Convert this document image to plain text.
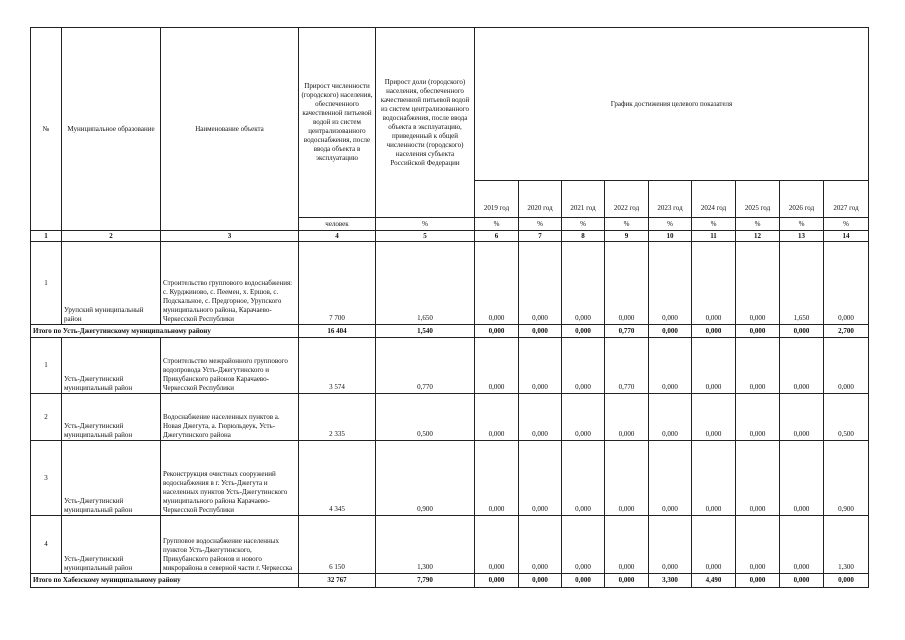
№	Муниципальное образование	Наименование объекта	Прирост численности (городского) населения, обеспеченного качественной питьевой водой из систем централизованного водоснабжения, после ввода объекта в эксплуатацию	Прирост доли (городского) населения, обеспеченного качественной питьевой водой из систем централизованного водоснабжения, после ввода объекта в эксплуатацию, приведенный к общей численности (городского) населения субъекта Российской Федерации	График достижения целевого показателя								
					2019 год	2020 год	2021 год	2022 год	2023 год	2024 год	2025 год	2026 год	2027 год
			человек	%	%	%	%	%	%	%	%	%	%
1	2	3	4	5	6	7	8	9	10	11	12	13	14
1	Урупский муниципальный район	Строительство группового водоснабжения: с. Курджиново, с. Пеемен, х. Ершов, с. Подскальное, с. Предгорное, Урупского муниципального района, Карачаево-Черкесской Республики	7 700	1,650	0,000	0,000	0,000	0,000	0,000	0,000	0,000	1,650	0,000
Итого по Усть-Джегутинскому муниципальному району			16 404	1,540	0,000	0,000	0,000	0,770	0,000	0,000	0,000	0,000	2,700
1	Усть-Джегутинский муниципальный район	Строительство межрайонного группового водопровода Усть-Джегутинского и Прикубанского районов Карачаево-Черкесской Республики	3 574	0,770	0,000	0,000	0,000	0,770	0,000	0,000	0,000	0,000	0,000
2	Усть-Джегутинский муниципальный район	Водоснабжение населенных пунктов а. Новая Джегута, а. Гюрюльдеук, Усть-Джегутинского района	2 335	0,500	0,000	0,000	0,000	0,000	0,000	0,000	0,000	0,000	0,500
3	Усть-Джегутинский муниципальный район	Реконструкция очистных сооружений водоснабжения в г. Усть-Джегута и населенных пунктов Усть-Джегутинского муниципального района Карачаево-Черкесской Республики	4 345	0,900	0,000	0,000	0,000	0,000	0,000	0,000	0,000	0,000	0,900
4	Усть-Джегутинский муниципальный район	Групповое водоснабжение населенных пунктов Усть-Джегутинского, Прикубанского районов и нового микрорайона в северной части г. Черкесска	6 150	1,300	0,000	0,000	0,000	0,000	0,000	0,000	0,000	0,000	1,300
Итого по Хабезскому муниципальному району			32 767	7,790	0,000	0,000	0,000	0,000	3,300	4,490	0,000	0,000	0,000
